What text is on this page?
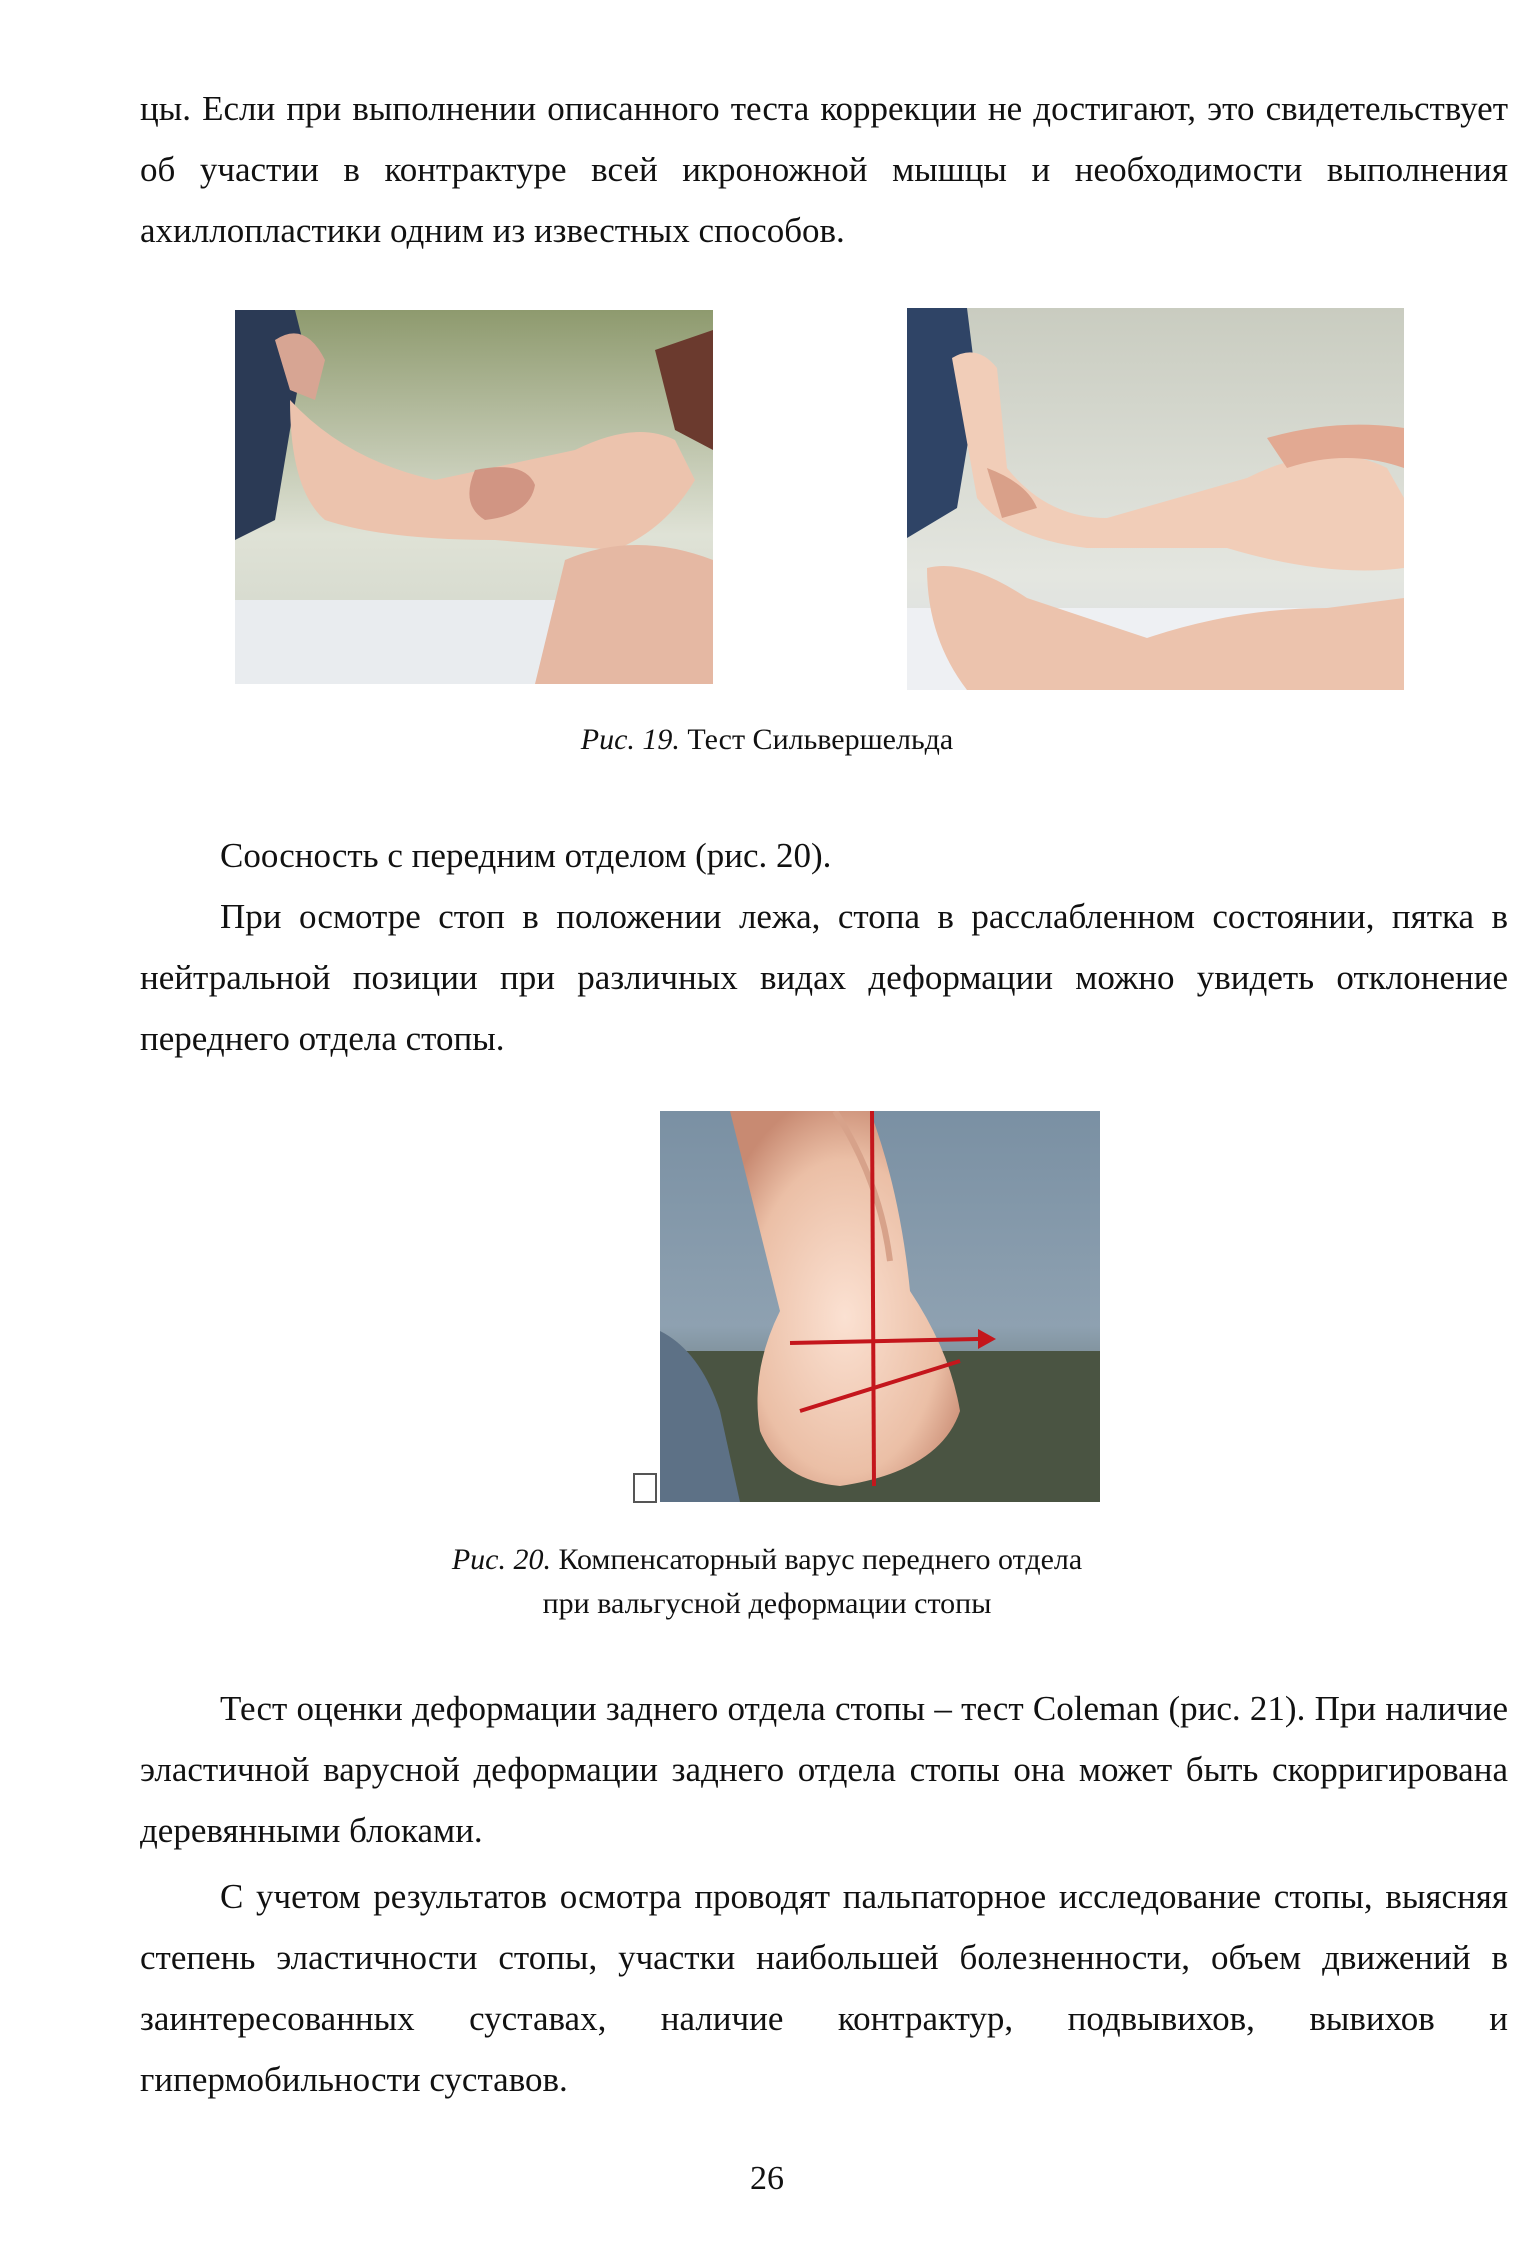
цы. Если при выполнении описанного теста коррекции не достигают, это свидетельствует об участии в контрактуре всей икроножной мышцы и необходимости выполнения ахиллопластики одним из известных способов.

Рис. 19. Тест Сильвершельда

Соосность с передним отделом (рис. 20).

При осмотре стоп в положении лежа, стопа в расслабленном состоянии, пятка в нейтральной позиции при различных видах деформации можно увидеть отклонение переднего отдела стопы.

Рис. 20. Компенсаторный варус переднего отдела
при вальгусной деформации стопы

Тест оценки деформации заднего отдела стопы – тест Coleman (рис. 21). При наличие эластичной варусной деформации заднего отдела стопы она может быть скорригирована деревянными блоками.

С учетом результатов осмотра проводят пальпаторное исследование стопы, выясняя степень эластичности стопы, участки наибольшей болезненности, объем движений в заинтересованных суставах, наличие контрактур, подвывихов, вывихов и гипермобильности суставов.

26
